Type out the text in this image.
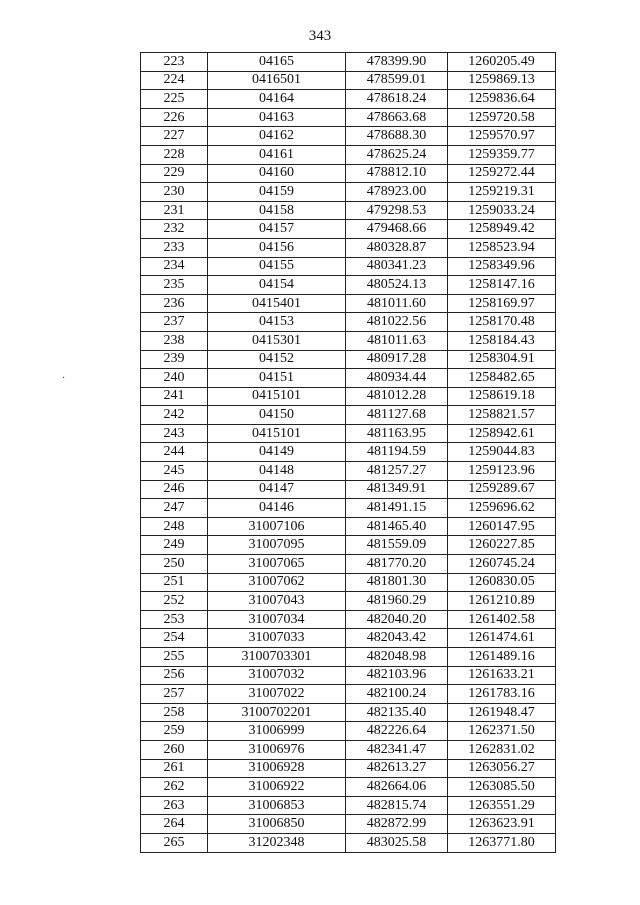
343
·
223	04165	478399.90	1260205.49
224	0416501	478599.01	1259869.13
225	04164	478618.24	1259836.64
226	04163	478663.68	1259720.58
227	04162	478688.30	1259570.97
228	04161	478625.24	1259359.77
229	04160	478812.10	1259272.44
230	04159	478923.00	1259219.31
231	04158	479298.53	1259033.24
232	04157	479468.66	1258949.42
233	04156	480328.87	1258523.94
234	04155	480341.23	1258349.96
235	04154	480524.13	1258147.16
236	0415401	481011.60	1258169.97
237	04153	481022.56	1258170.48
238	0415301	481011.63	1258184.43
239	04152	480917.28	1258304.91
240	04151	480934.44	1258482.65
241	0415101	481012.28	1258619.18
242	04150	481127.68	1258821.57
243	0415101	481163.95	1258942.61
244	04149	481194.59	1259044.83
245	04148	481257.27	1259123.96
246	04147	481349.91	1259289.67
247	04146	481491.15	1259696.62
248	31007106	481465.40	1260147.95
249	31007095	481559.09	1260227.85
250	31007065	481770.20	1260745.24
251	31007062	481801.30	1260830.05
252	31007043	481960.29	1261210.89
253	31007034	482040.20	1261402.58
254	31007033	482043.42	1261474.61
255	3100703301	482048.98	1261489.16
256	31007032	482103.96	1261633.21
257	31007022	482100.24	1261783.16
258	3100702201	482135.40	1261948.47
259	31006999	482226.64	1262371.50
260	31006976	482341.47	1262831.02
261	31006928	482613.27	1263056.27
262	31006922	482664.06	1263085.50
263	31006853	482815.74	1263551.29
264	31006850	482872.99	1263623.91
265	31202348	483025.58	1263771.80
